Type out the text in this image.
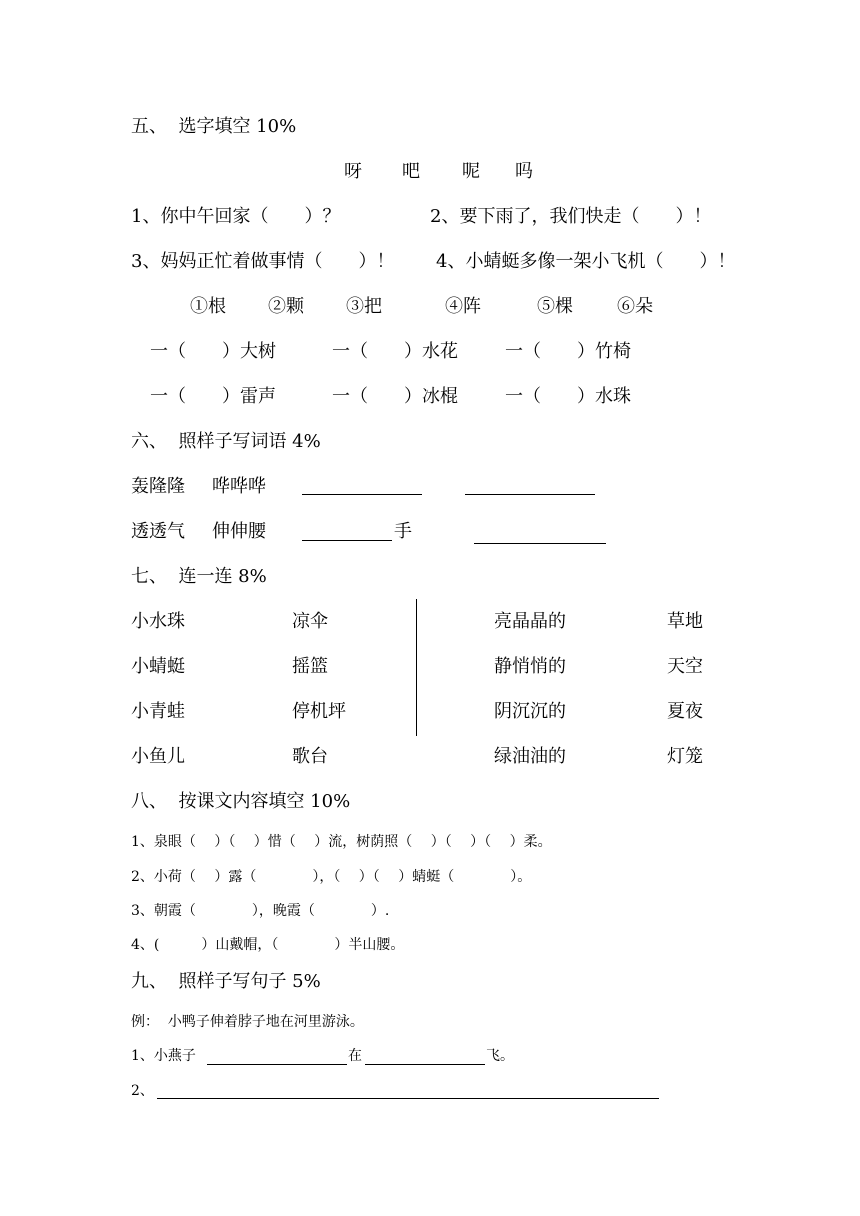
五、  选字填空 10%
呀 吧 呢 吗
1、你中午回家（　　）？	2、要下雨了，我们快走（　　）！
3、妈妈正忙着做事情（　　）！ 4、小蜻蜓多像一架小飞机（　　）！
①根 ②颗 ③把	④阵	⑤棵 ⑥朵
一（　　）大树	一（　　）水花	一（　　）竹椅
一（　　）雷声	一（　　）冰棍	一（　　）水珠
六、  照样子写词语 4%
轰隆隆 哗哗哗
透透气 伸伸腰	手
七、  连一连 8%
小水珠	凉伞	亮晶晶的	草地
小蜻蜓	摇篮	静悄悄的	天空
小青蛙	停机坪	阴沉沉的	夏夜
小鱼儿	歌台	绿油油的	灯笼
八、  按课文内容填空 10%
1、泉眼（　 ）（　 ）惜（　 ）流，树荫照（　 ）（　 ）（　 ）柔。
2、小荷（　 ）露（　　　　），（　 ）（　 ）蜻蜓（　　　　）。
3、朝霞（　　　　），晚霞（　　　　）.
4、(　　　）山戴帽，（　　　　）半山腰。
九、  照样子写句子 5%
例：  小鸭子伸着脖子地在河里游泳。
1、小燕子	在	飞。
2、
